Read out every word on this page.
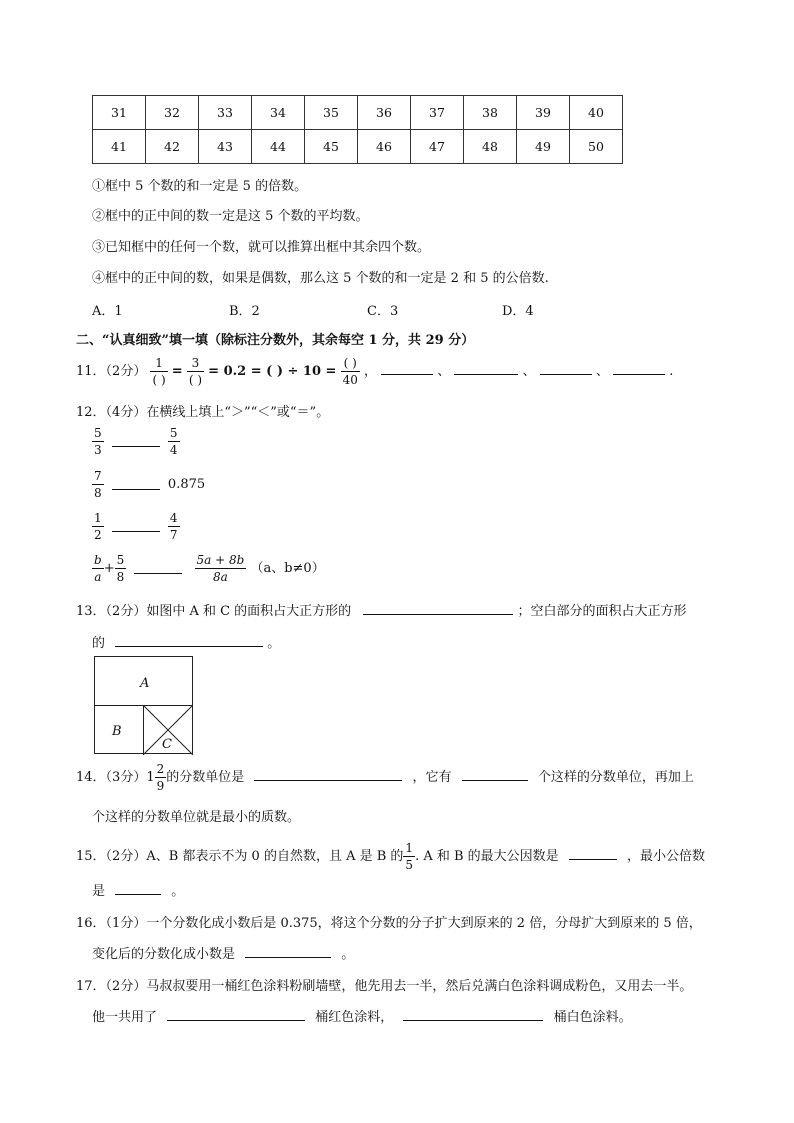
31	32	33	34	35	36	37	38	39	40
41	42	43	44	45	46	47	48	49	50
①框中 5 个数的和一定是 5 的倍数。
②框中的正中间的数一定是这 5 个数的平均数。
③已知框中的任何一个数，就可以推算出框中其余四个数。
④框中的正中间的数，如果是偶数，那么这 5 个数的和一定是 2 和 5 的公倍数.
A．1	B．2	C．3	D．4
二、“认真细致”填一填（除标注分数外，其余每空 1 分，共 29 分）
11．（2分） $\frac{1}{( )} = \frac{3}{( )} = 0.2$ = ( ) ÷ $10 = \frac{( )}{40}$ ，	、	、	、	.
12．（4分）在横线上填上“＞”“＜”或“＝”。
$\frac{5}{3}$
	$\frac{5}{4}$
$\frac{7}{8}$	0.875
$\frac{1}{2}$
	$\frac{4}{7}$
$\frac{b}{a} + \frac{5}{8}$
	$\frac{5a + 8b}{8a} (a$、b≠0）
13．（2分）如图中 A 和 C 的面积占大正方形的	；空白部分的面积占大正方形
的	。
A
B
C
14．（3分）$1 \frac{2}{9}$ 的分数单位是	，它有	个这样的分数单位，再加上
个这样的分数单位就是最小的质数。
15．（2分）A、B 都表示不为 0 的自然数，且 A 是 B 的 $\frac{1}{5}$ . A 和 B 的最大公因数是	，最小公倍数
是	。
16．（1分）一个分数化成小数后是 0.375，将这个分数的分子扩大到原来的 2 倍，分母扩大到原来的 5 倍，
变化后的分数化成小数是	。
17．（2分）马叔叔要用一桶红色涂料粉刷墙壁，他先用去一半，然后兑满白色涂料调成粉色，又用去一半。
他一共用了	桶红色涂料，	桶白色涂料。
